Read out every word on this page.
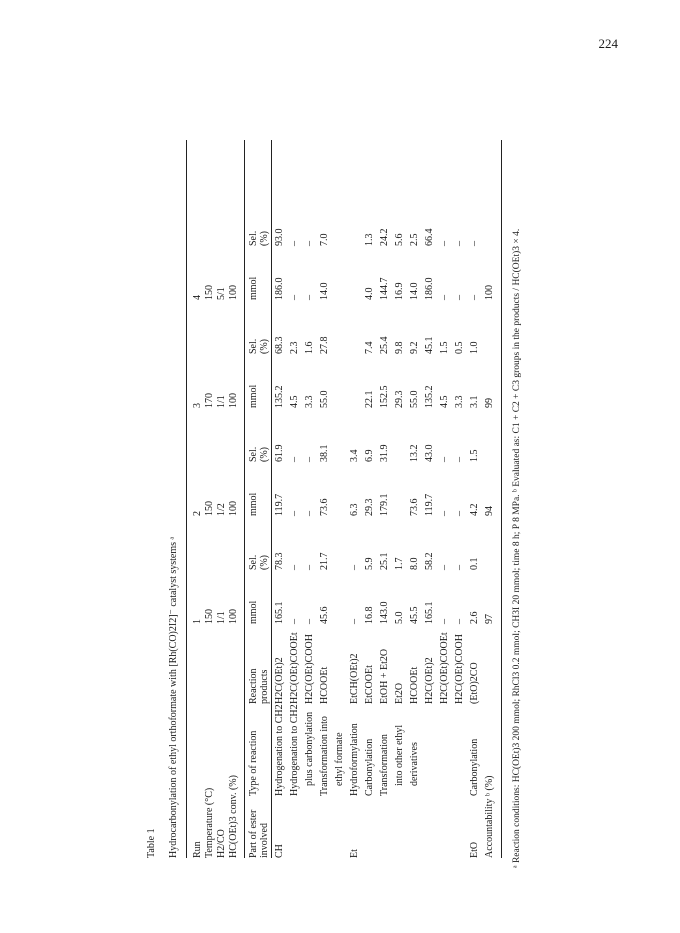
224
Table 1 Hydrocarbonylation of ethyl orthoformate with [Rh(CO)2I2]⁻ catalyst systems ᵃ Run
1
2
3
4
Temperature (°C)
150
150
170
150
H2/CO
1/1
1/2
1/1
5/1
HC(OEt)3 conv. (%)
100
100
100
100
Part of ester involved
Type of reaction
Reaction products
mmol
Sel. (%)
mmol
Sel. (%)
mmol
Sel. (%)
mmol
Sel. (%)
CH
Hydrogenation to CH2
H2C(OEt)2
165.1
78.3
119.7
61.9
135.2
68.3
186.0
93.0
Hydrogenation to CH2
H2C(OEt)COOEt
–
–
–
–
4.5
2.3
–
–
plus carbonylation
H2C(OEt)COOH
–
–
–
–
3.3
1.6
–
–
Transformation into
HCOOEt
45.6
21.7
73.6
38.1
55.0
27.8
14.0
7.0
ethyl formate
Et
Hydroformylation
EtCH(OEt)2
–
–
6.3
3.4
Carbonylation
EtCOOEt
16.8
5.9
29.3
6.9
22.1
7.4
4.0
1.3
Transformation
EtOH + Et2O
143.0
25.1
179.1
31.9
152.5
25.4
144.7
24.2
into other ethyl
Et2O
5.0
1.7
29.3
9.8
16.9
5.6
derivatives
HCOOEt
45.5
8.0
73.6
13.2
55.0
9.2
14.0
2.5
H2C(OEt)2
165.1
58.2
119.7
43.0
135.2
45.1
186.0
66.4
H2C(OEt)COOEt
–
–
–
–
4.5
1.5
–
–
H2C(OEt)COOH
–
–
–
–
3.3
0.5
–
–
EtO
Carbonylation
(EtO)2CO
2.6
0.1
4.2
1.5
3.1
1.0
–
–
Accountability ᵇ (%)
97
94
99
100 ᵃ Reaction conditions: HC(OEt)3 200 mmol; RhCl3 0.2 mmol; CH3I 20 mmol; time 8 h; P 8 MPa. ᵇ Evaluated as: C1 + C2 + C3 groups in the products / HC(OEt)3 × 4.
